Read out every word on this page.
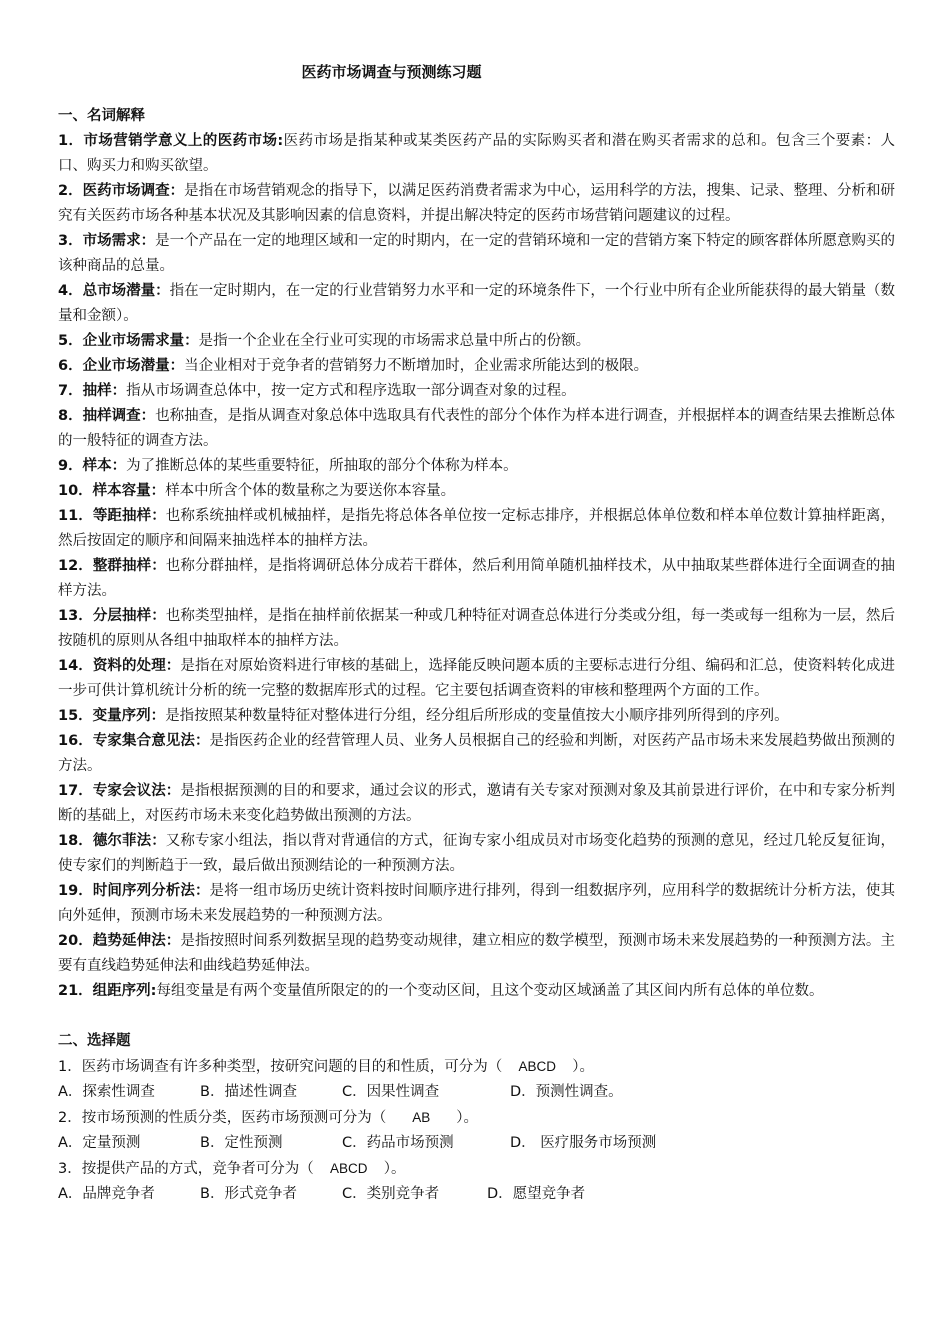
医药市场调查与预测练习题
一、名词解释

1．市场营销学意义上的医药市场:医药市场是指某种或某类医药产品的实际购买者和潜在购买者需求的总和。包含三个要素：人口、购买力和购买欲望。

2．医药市场调查：是指在市场营销观念的指导下，以满足医药消费者需求为中心，运用科学的方法，搜集、记录、整理、分析和研究有关医药市场各种基本状况及其影响因素的信息资料，并提出解决特定的医药市场营销问题建议的过程。

3．市场需求：是一个产品在一定的地理区域和一定的时期内，在一定的营销环境和一定的营销方案下特定的顾客群体所愿意购买的该种商品的总量。

4．总市场潜量：指在一定时期内，在一定的行业营销努力水平和一定的环境条件下，一个行业中所有企业所能获得的最大销量（数量和金额）。

5．企业市场需求量：是指一个企业在全行业可实现的市场需求总量中所占的份额。

6．企业市场潜量：当企业相对于竞争者的营销努力不断增加时，企业需求所能达到的极限。

7．抽样：指从市场调查总体中，按一定方式和程序选取一部分调查对象的过程。

8．抽样调查：也称抽查，是指从调查对象总体中选取具有代表性的部分个体作为样本进行调查，并根据样本的调查结果去推断总体的一般特征的调查方法。

9．样本：为了推断总体的某些重要特征，所抽取的部分个体称为样本。

10．样本容量：样本中所含个体的数量称之为要送你本容量。

11．等距抽样：也称系统抽样或机械抽样，是指先将总体各单位按一定标志排序，并根据总体单位数和样本单位数计算抽样距离，然后按固定的顺序和间隔来抽选样本的抽样方法。

12．整群抽样：也称分群抽样，是指将调研总体分成若干群体，然后利用简单随机抽样技术，从中抽取某些群体进行全面调查的抽样方法。

13．分层抽样：也称类型抽样，是指在抽样前依据某一种或几种特征对调查总体进行分类或分组，每一类或每一组称为一层，然后按随机的原则从各组中抽取样本的抽样方法。

14．资料的处理：是指在对原始资料进行审核的基础上，选择能反映问题本质的主要标志进行分组、编码和汇总，使资料转化成进一步可供计算机统计分析的统一完整的数据库形式的过程。它主要包括调查资料的审核和整理两个方面的工作。

15．变量序列：是指按照某种数量特征对整体进行分组，经分组后所形成的变量值按大小顺序排列所得到的序列。

16．专家集合意见法：是指医药企业的经营管理人员、业务人员根据自己的经验和判断，对医药产品市场未来发展趋势做出预测的方法。

17．专家会议法：是指根据预测的目的和要求，通过会议的形式，邀请有关专家对预测对象及其前景进行评价，在中和专家分析判断的基础上，对医药市场未来变化趋势做出预测的方法。

18．德尔菲法：又称专家小组法，指以背对背通信的方式，征询专家小组成员对市场变化趋势的预测的意见，经过几轮反复征询，使专家们的判断趋于一致，最后做出预测结论的一种预测方法。

19．时间序列分析法：是将一组市场历史统计资料按时间顺序进行排列，得到一组数据序列，应用科学的数据统计分析方法，使其向外延伸，预测市场未来发展趋势的一种预测方法。

20．趋势延伸法：是指按照时间系列数据呈现的趋势变动规律，建立相应的数学模型，预测市场未来发展趋势的一种预测方法。主要有直线趋势延伸法和曲线趋势延伸法。

21．组距序列:每组变量是有两个变量值所限定的的一个变动区间，且这个变动区域涵盖了其区间内所有总体的单位数。

二、选择题

1．医药市场调查有许多种类型，按研究问题的目的和性质，可分为（ ABCD ）。

A．探索性调查	B．描述性调查	C．因果性调查	D．预测性调查。

2．按市场预测的性质分类，医药市场预测可分为（ AB ）。

A．定量预测	B．定性预测	C．药品市场预测	D． 医疗服务市场预测

3．按提供产品的方式，竞争者可分为（ ABCD ）。

A．品牌竞争者	B．形式竞争者	C．类别竞争者	D．愿望竞争者
